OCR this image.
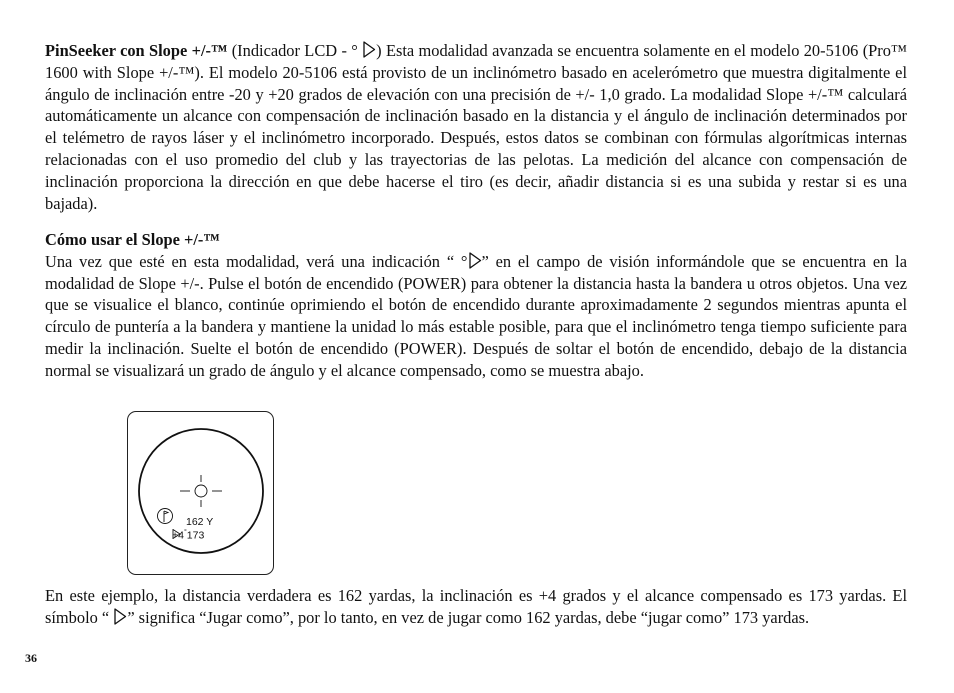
PinSeeker con Slope +/-™ (Indicador LCD - ° ) Esta modalidad avanzada se encuentra solamente en el modelo 20-5106 (Pro™ 1600 with Slope +/-™). El modelo 20-5106 está provisto de un inclinómetro basado en acelerómetro que muestra digitalmente el ángulo de inclinación entre -20 y +20 grados de elevación con una precisión de +/- 1,0 grado. La modalidad Slope +/-™ calculará automáticamente un alcance con compensación de inclinación basado en la distancia y el ángulo de inclinación determinados por el telémetro de rayos láser y el inclinómetro incorporado. Después, estos datos se combinan con fórmulas algorítmicas internas relacionadas con el uso promedio del club y las trayectorias de las pelotas. La medición del alcance con compensación de inclinación proporciona la dirección en que debe hacerse el tiro (es decir, añadir distancia si es una subida y restar si es una bajada).

Cómo usar el Slope +/-™
Una vez que esté en esta modalidad, verá una indicación “ ° ” en el campo de visión informándole que se encuentra en la modalidad de Slope +/-. Pulse el botón de encendido (POWER) para obtener la distancia hasta la bandera u otros objetos. Una vez que se visualice el blanco, continúe oprimiendo el botón de encendido durante aproximadamente 2 segundos mientras apunta el círculo de puntería a la bandera y mantiene la unidad lo más estable posible, para que el inclinómetro tenga tiempo suficiente para medir la inclinación. Suelte el botón de encendido (POWER). Después de soltar el botón de encendido, debajo de la distancia normal se visualizará un grado de ángulo y el alcance compensado, como se muestra abajo.

162 Y
+4°
173

En este ejemplo, la distancia verdadera es 162 yardas, la inclinación es +4 grados y el alcance compensado es 173 yardas. El símbolo “ ” significa “Jugar como”, por lo tanto, en vez de jugar como 162 yardas, debe “jugar como” 173 yardas.

36
